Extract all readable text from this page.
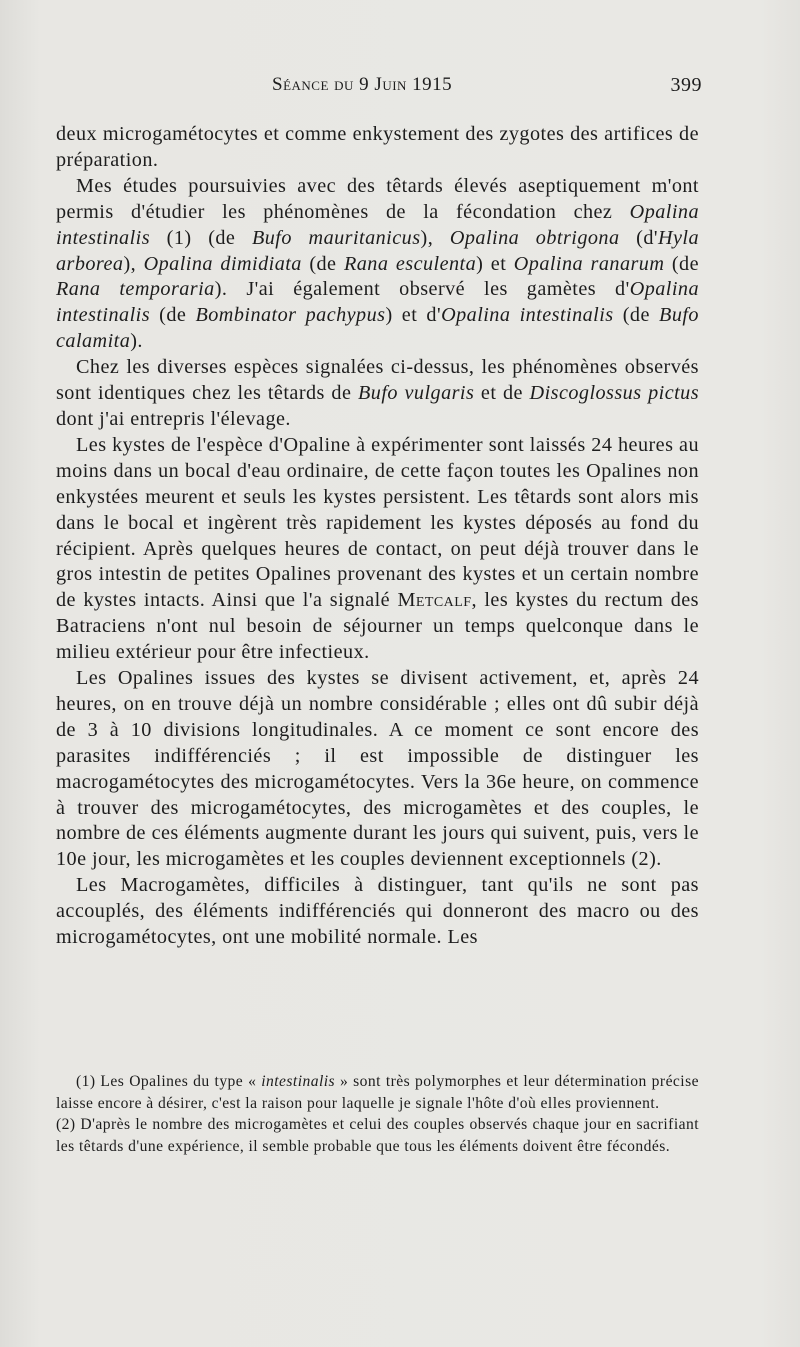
Séance du 9 Juin 1915	399

deux microgamétocytes et comme enkystement des zygotes des artifices de préparation.

Mes études poursuivies avec des têtards élevés aseptiquement m'ont permis d'étudier les phénomènes de la fécondation chez Opalina intestinalis (1) (de Bufo mauritanicus), Opalina obtrigona (d'Hyla arborea), Opalina dimidiata (de Rana esculenta) et Opalina ranarum (de Rana temporaria). J'ai également observé les gamètes d'Opalina intestinalis (de Bombinator pachypus) et d'Opalina intestinalis (de Bufo calamita).

Chez les diverses espèces signalées ci-dessus, les phénomènes observés sont identiques chez les têtards de Bufo vulgaris et de Discoglossus pictus dont j'ai entrepris l'élevage.

Les kystes de l'espèce d'Opaline à expérimenter sont laissés 24 heures au moins dans un bocal d'eau ordinaire, de cette façon toutes les Opalines non enkystées meurent et seuls les kystes persistent. Les têtards sont alors mis dans le bocal et ingèrent très rapidement les kystes déposés au fond du récipient. Après quelques heures de contact, on peut déjà trouver dans le gros intestin de petites Opalines provenant des kystes et un certain nombre de kystes intacts. Ainsi que l'a signalé Metcalf, les kystes du rectum des Batraciens n'ont nul besoin de séjourner un temps quelconque dans le milieu extérieur pour être infectieux.

Les Opalines issues des kystes se divisent activement, et, après 24 heures, on en trouve déjà un nombre considérable ; elles ont dû subir déjà de 3 à 10 divisions longitudinales. A ce moment ce sont encore des parasites indifférenciés ; il est impossible de distinguer les macrogamétocytes des microgamétocytes. Vers la 36e heure, on commence à trouver des microgamétocytes, des microgamètes et des couples, le nombre de ces éléments augmente durant les jours qui suivent, puis, vers le 10e jour, les microgamètes et les couples deviennent exceptionnels (2).

Les Macrogamètes, difficiles à distinguer, tant qu'ils ne sont pas accouplés, des éléments indifférenciés qui donneront des macro ou des microgamétocytes, ont une mobilité normale. Les

(1) Les Opalines du type « intestinalis » sont très polymorphes et leur détermination précise laisse encore à désirer, c'est la raison pour laquelle je signale l'hôte d'où elles proviennent.

(2) D'après le nombre des microgamètes et celui des couples observés chaque jour en sacrifiant les têtards d'une expérience, il semble probable que tous les éléments doivent être fécondés.
